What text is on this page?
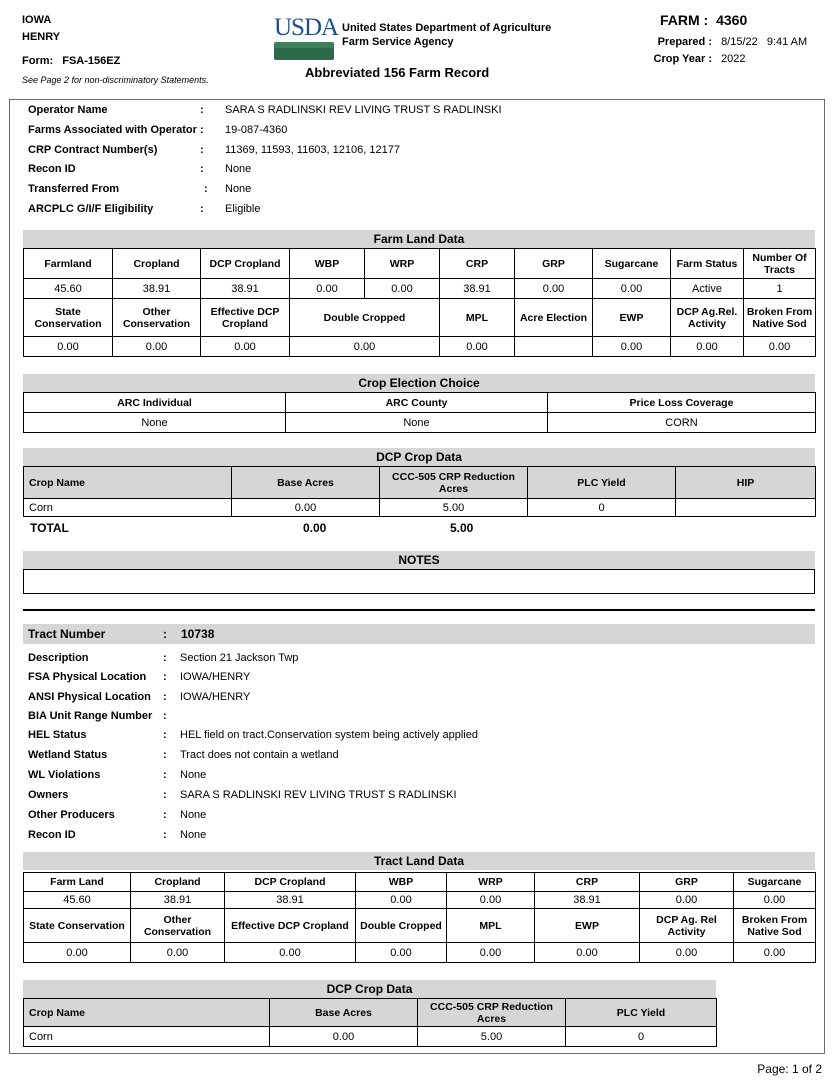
IOWA
HENRY
Form: FSA-156EZ
See Page 2 for non-discriminatory Statements.
USDA United States Department of Agriculture
Farm Service Agency
Abbreviated 156 Farm Record
FARM : 4360
Prepared : 8/15/22 9:41 AM
Crop Year : 2022
Operator Name	: SARA S RADLINSKI REV LIVING TRUST S RADLINSKI
Farms Associated with Operator : 19-087-4360
CRP Contract Number(s)	: 11369, 11593, 11603, 12106, 12177
Recon ID	: None
Transferred From	: None
ARCPLC G/I/F Eligibility	: Eligible
Farm Land Data
Farmland	Cropland	DCP Cropland	WBP	WRP	CRP	GRP	Sugarcane	Farm Status	Number Of Tracts
45.60	38.91	38.91	0.00	0.00	38.91	0.00	0.00	Active	1
State Conservation	Other Conservation	Effective DCP Cropland	Double Cropped		MPL	Acre Election	EWP	DCP Ag.Rel. Activity	Broken From Native Sod
0.00	0.00	0.00	0.00		0.00		0.00	0.00	0.00
Crop Election Choice
ARC Individual	ARC County	Price Loss Coverage
None	None	CORN
DCP Crop Data
Crop Name	Base Acres	CCC-505 CRP Reduction Acres	PLC Yield	HIP
Corn	0.00	5.00	0	
TOTAL	0.00	5.00
NOTES
Tract Number	: 10738
Description	: Section 21 Jackson Twp
FSA Physical Location : IOWA/HENRY
ANSI Physical Location : IOWA/HENRY
BIA Unit Range Number :
HEL Status	: HEL field on tract.Conservation system being actively applied
Wetland Status	: Tract does not contain a wetland
WL Violations	: None
Owners	: SARA S RADLINSKI REV LIVING TRUST S RADLINSKI
Other Producers	: None
Recon ID	: None
Tract Land Data
Farm Land	Cropland	DCP Cropland	WBP	WRP	CRP	GRP	Sugarcane
45.60	38.91	38.91	0.00	0.00	38.91	0.00	0.00
State Conservation	Other Conservation	Effective DCP Cropland	Double Cropped	MPL	EWP	DCP Ag. Rel Activity	Broken From Native Sod
0.00	0.00	0.00	0.00	0.00	0.00	0.00	0.00
DCP Crop Data
Crop Name	Base Acres	CCC-505 CRP Reduction Acres	PLC Yield
Corn	0.00	5.00	0
Page: 1 of 2
